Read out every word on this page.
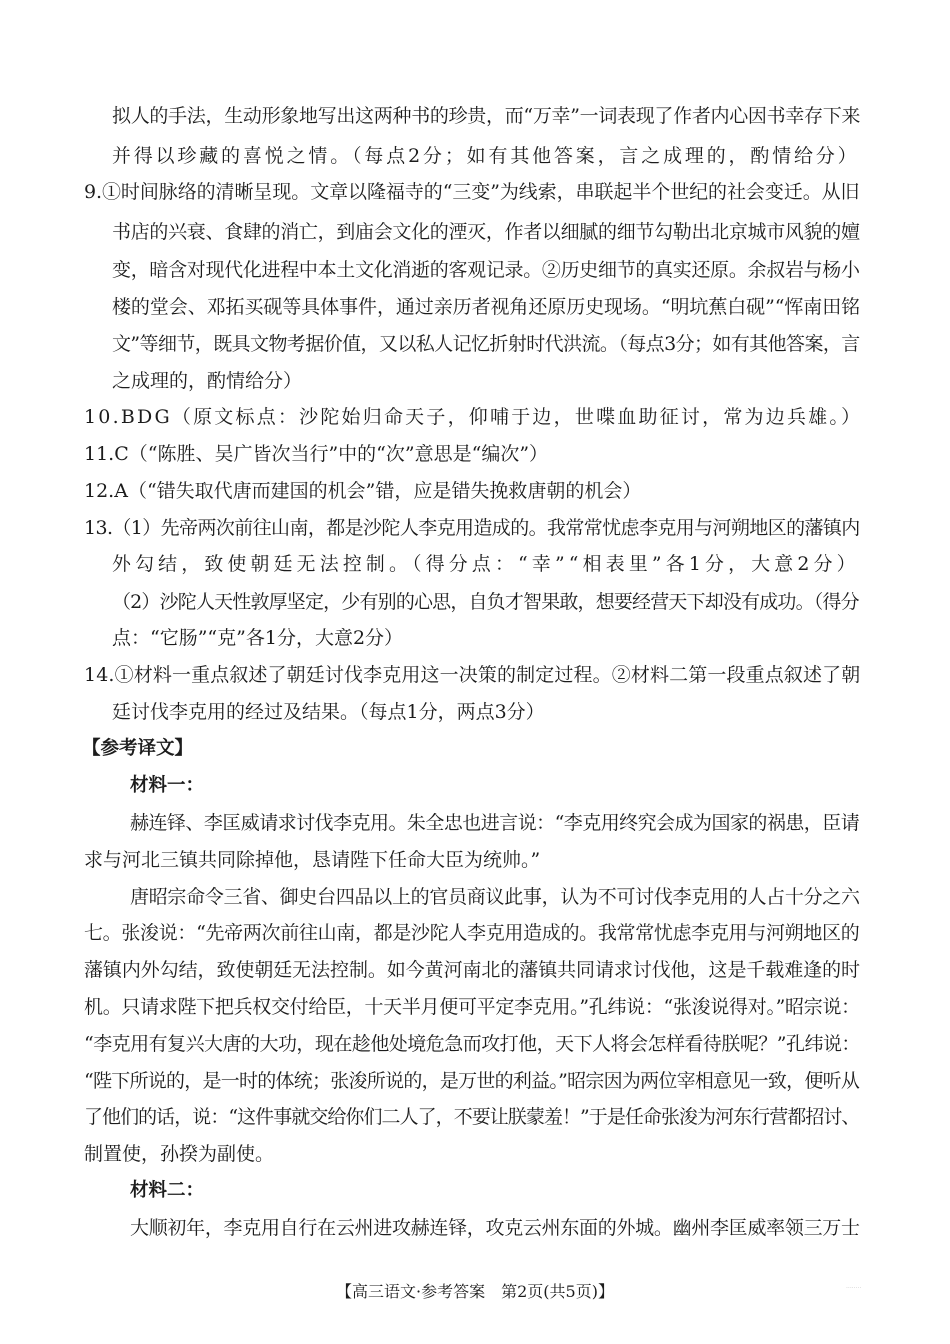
拟人的手法，生动形象地写出这两种书的珍贵，而“万幸”一词表现了作者内心因书幸存下来
并得以珍藏的喜悦之情。（每点2分；如有其他答案，言之成理的，酌情给分）
9.①时间脉络的清晰呈现。文章以隆福寺的“三变”为线索，串联起半个世纪的社会变迁。从旧
书店的兴衰、食肆的消亡，到庙会文化的湮灭，作者以细腻的细节勾勒出北京城市风貌的嬗
变，暗含对现代化进程中本土文化消逝的客观记录。②历史细节的真实还原。余叔岩与杨小
楼的堂会、邓拓买砚等具体事件，通过亲历者视角还原历史现场。“明坑蕉白砚”“恽南田铭
文”等细节，既具文物考据价值，又以私人记忆折射时代洪流。（每点3分；如有其他答案，言
之成理的，酌情给分）
10.BDG（原文标点：沙陀始归命天子，仰哺于边，世喋血助征讨，常为边兵雄。）
11.C（“陈胜、吴广皆次当行”中的“次”意思是“编次”）
12.A（“错失取代唐而建国的机会”错，应是错失挽救唐朝的机会）
13.（1）先帝两次前往山南，都是沙陀人李克用造成的。我常常忧虑李克用与河朔地区的藩镇内
外勾结，致使朝廷无法控制。（得分点：“幸”“相表里”各1分，大意2分）
（2）沙陀人天性敦厚坚定，少有别的心思，自负才智果敢，想要经营天下却没有成功。（得分
点：“它肠”“克”各1分，大意2分）
14.①材料一重点叙述了朝廷讨伐李克用这一决策的制定过程。②材料二第一段重点叙述了朝
廷讨伐李克用的经过及结果。（每点1分，两点3分）
【参考译文】
材料一：
赫连铎、李匡威请求讨伐李克用。朱全忠也进言说：“李克用终究会成为国家的祸患，臣请
求与河北三镇共同除掉他，恳请陛下任命大臣为统帅。”
唐昭宗命令三省、御史台四品以上的官员商议此事，认为不可讨伐李克用的人占十分之六
七。张浚说：“先帝两次前往山南，都是沙陀人李克用造成的。我常常忧虑李克用与河朔地区的
藩镇内外勾结，致使朝廷无法控制。如今黄河南北的藩镇共同请求讨伐他，这是千载难逢的时
机。只请求陛下把兵权交付给臣，十天半月便可平定李克用。”孔纬说：“张浚说得对。”昭宗说：
“李克用有复兴大唐的大功，现在趁他处境危急而攻打他，天下人将会怎样看待朕呢？”孔纬说：
“陛下所说的，是一时的体统；张浚所说的，是万世的利益。”昭宗因为两位宰相意见一致，便听从
了他们的话，说：“这件事就交给你们二人了，不要让朕蒙羞！”于是任命张浚为河东行营都招讨、
制置使，孙揆为副使。
材料二：
大顺初年，李克用自行在云州进攻赫连铎，攻克云州东面的外城。幽州李匡威率领三万士
【高三语文·参考答案　第2页(共5页)】	........
